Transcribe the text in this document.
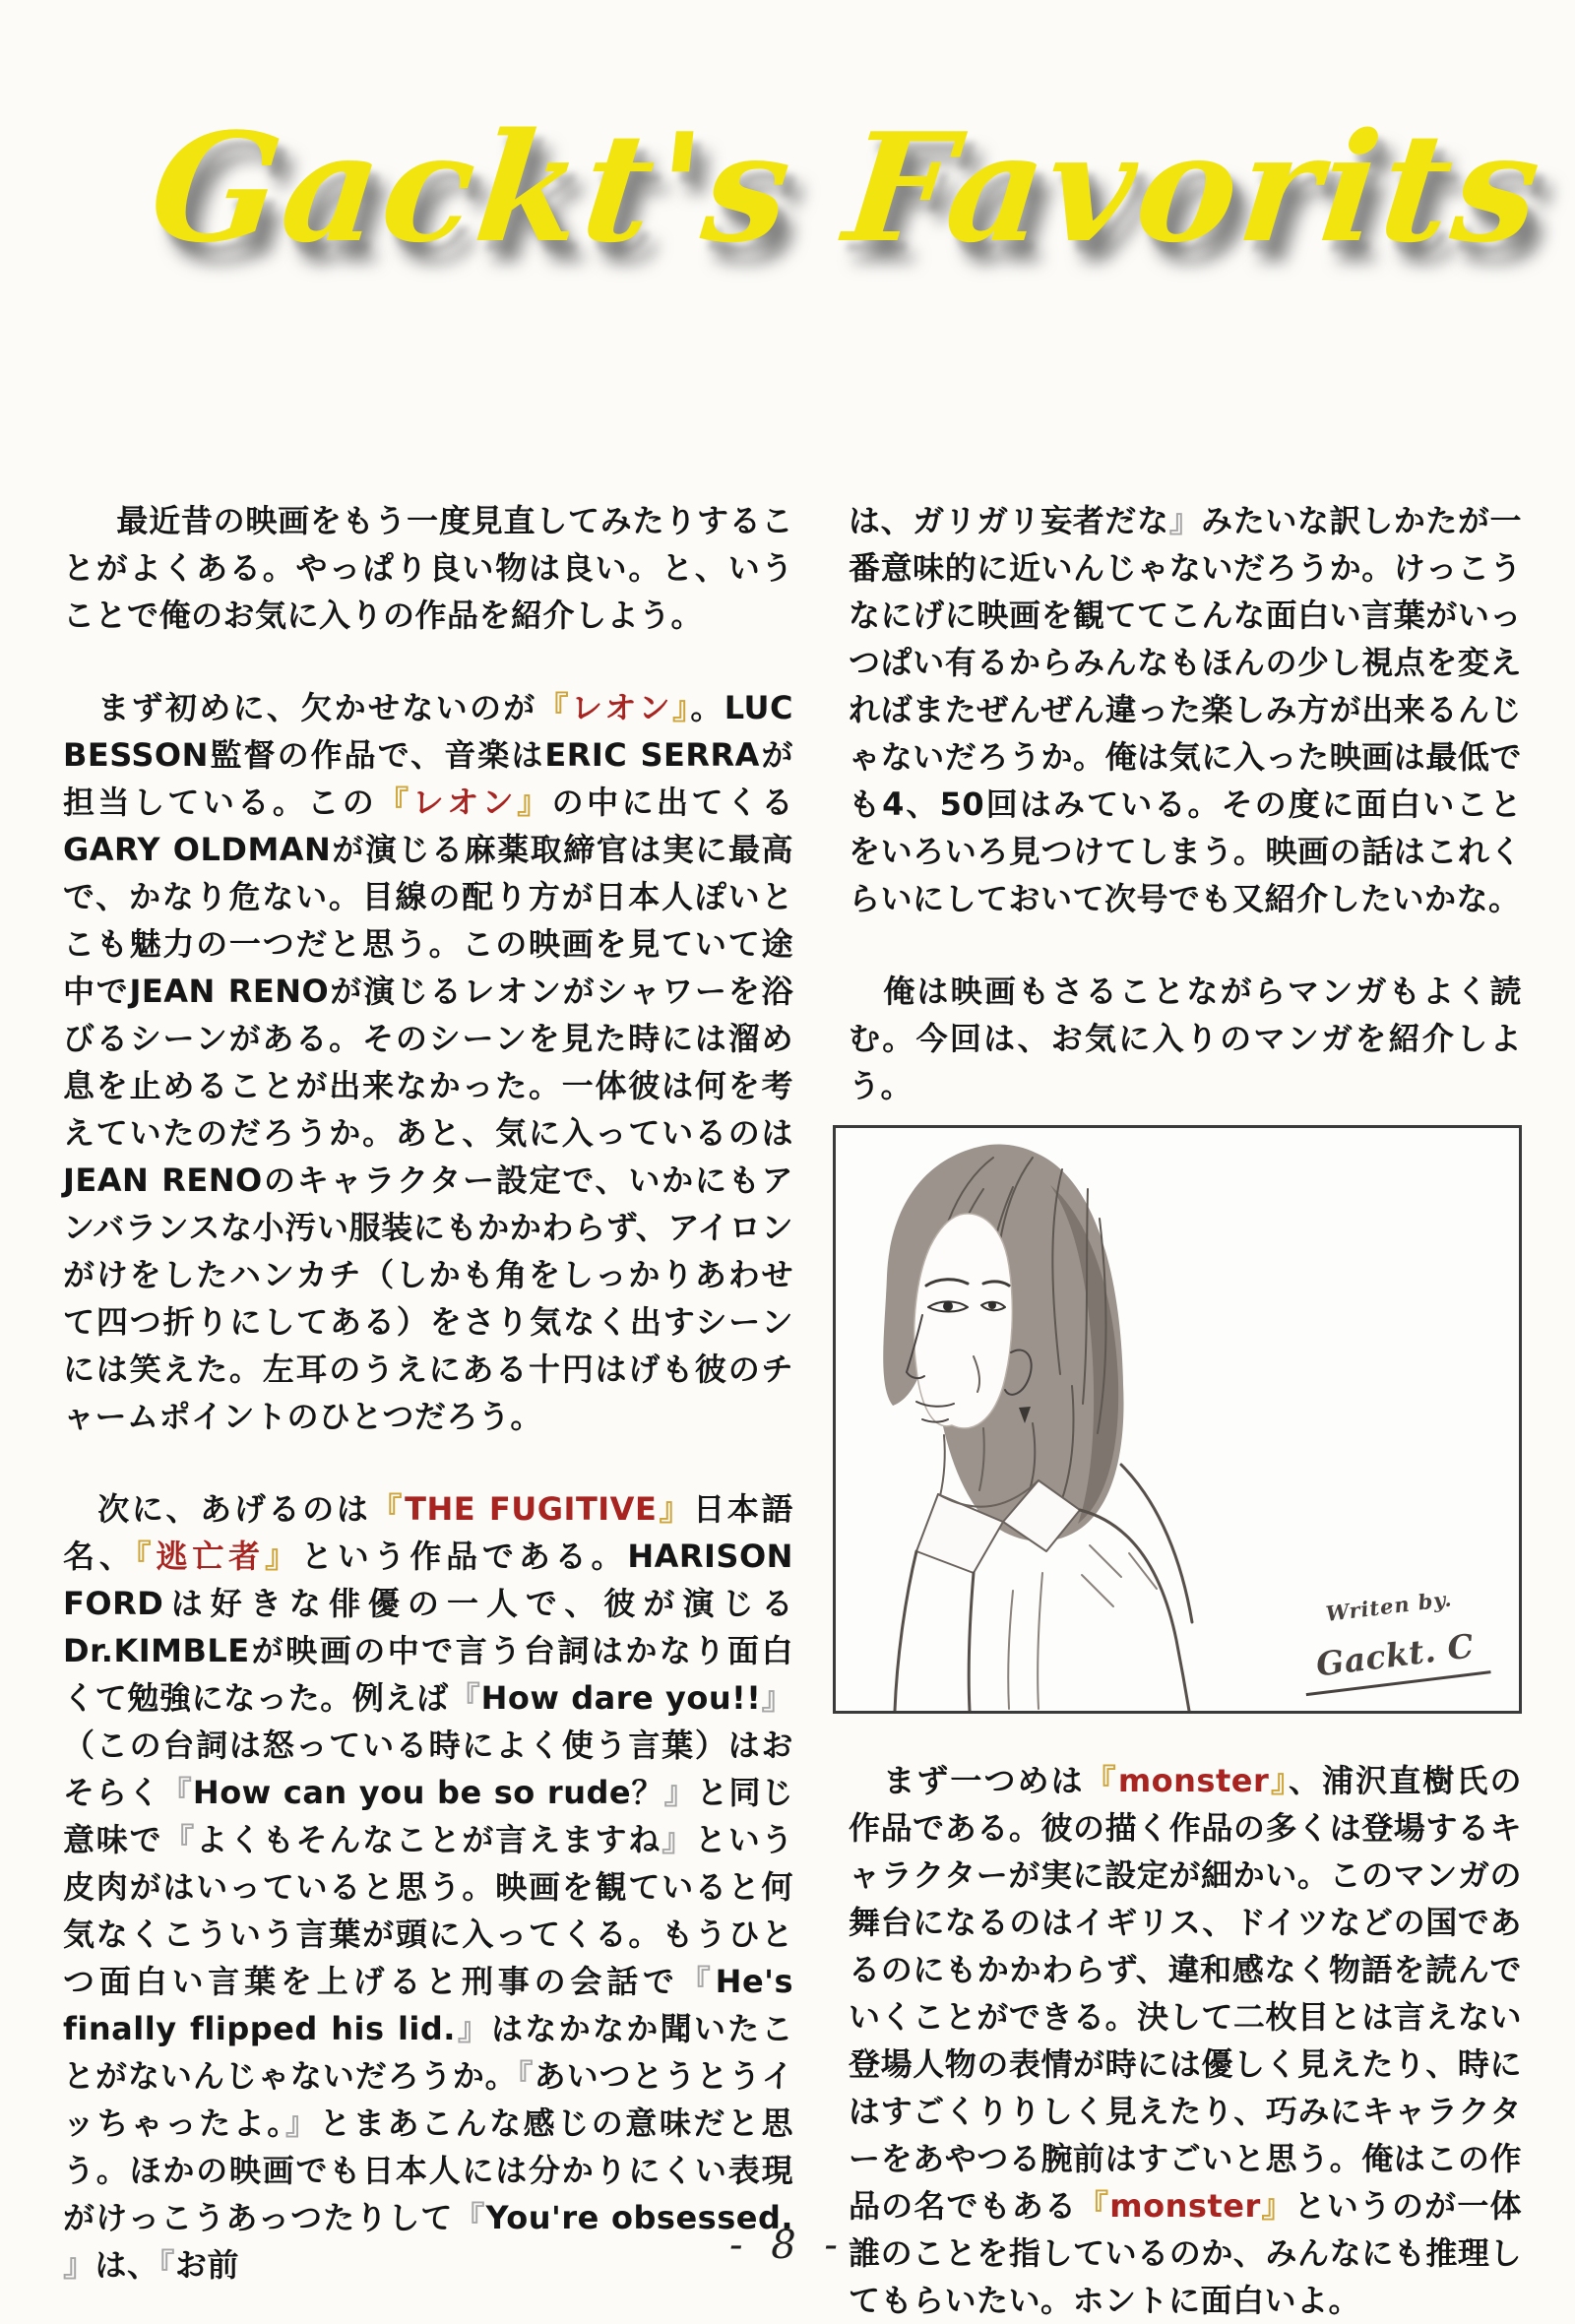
Gackt's Favorits

最近昔の映画をもう一度見直してみたりすることがよくある。やっぱり良い物は良い。と、いうことで俺のお気に入りの作品を紹介しよう。

まず初めに、欠かせないのが『レオン』。LUC BESSON監督の作品で、音楽はERIC SERRAが担当している。この『レオン』の中に出てくるGARY OLDMANが演じる麻薬取締官は実に最高で、かなり危ない。目線の配り方が日本人ぽいとこも魅力の一つだと思う。この映画を見ていて途中でJEAN RENOが演じるレオンがシャワーを浴びるシーンがある。そのシーンを見た時には溜め息を止めることが出来なかった。一体彼は何を考えていたのだろうか。あと、気に入っているのはJEAN RENOのキャラクター設定で、いかにもアンバランスな小汚い服装にもかかわらず、アイロンがけをしたハンカチ（しかも角をしっかりあわせて四つ折りにしてある）をさり気なく出すシーンには笑えた。左耳のうえにある十円はげも彼のチャームポイントのひとつだろう。

次に、あげるのは『THE FUGITIVE』日本語名、『逃亡者』という作品である。HARISON FORDは好きな俳優の一人で、彼が演じるDr.KIMBLEが映画の中で言う台詞はかなり面白くて勉強になった。例えば『How dare you!!』（この台詞は怒っている時によく使う言葉）はおそらく『How can you be so rude？』と同じ意味で『よくもそんなことが言えますね』という皮肉がはいっていると思う。映画を観ていると何気なくこういう言葉が頭に入ってくる。もうひとつ面白い言葉を上げると刑事の会話で『He's finally flipped his lid.』はなかなか聞いたことがないんじゃないだろうか。『あいつとうとうイッちゃったよ。』とまあこんな感じの意味だと思う。ほかの映画でも日本人には分かりにくい表現がけっこうあっつたりして『You're obsessed. 』は、『お前

は、ガリガリ妄者だな』みたいな訳しかたが一番意味的に近いんじゃないだろうか。けっこうなにげに映画を観ててこんな面白い言葉がいっつぱい有るからみんなもほんの少し視点を変えればまたぜんぜん違った楽しみ方が出来るんじゃないだろうか。俺は気に入った映画は最低でも4、50回はみている。その度に面白いことをいろいろ見つけてしまう。映画の話はこれくらいにしておいて次号でも又紹介したいかな。

俺は映画もさることながらマンガもよく読む。今回は、お気に入りのマンガを紹介しよう。

Writen by.
Gackt. C

まず一つめは『monster』、浦沢直樹氏の作品である。彼の描く作品の多くは登場するキャラクターが実に設定が細かい。このマンガの舞台になるのはイギリス、ドイツなどの国であるのにもかかわらず、違和感なく物語を読んでいくことができる。決して二枚目とは言えない登場人物の表情が時には優しく見えたり、時にはすごくりりしく見えたり、巧みにキャラクターをあやつる腕前はすごいと思う。俺はこの作品の名でもある『monster』というのが一体誰のことを指しているのか、みんなにも推理してもらいたい。ホントに面白いよ。

- 8 -
